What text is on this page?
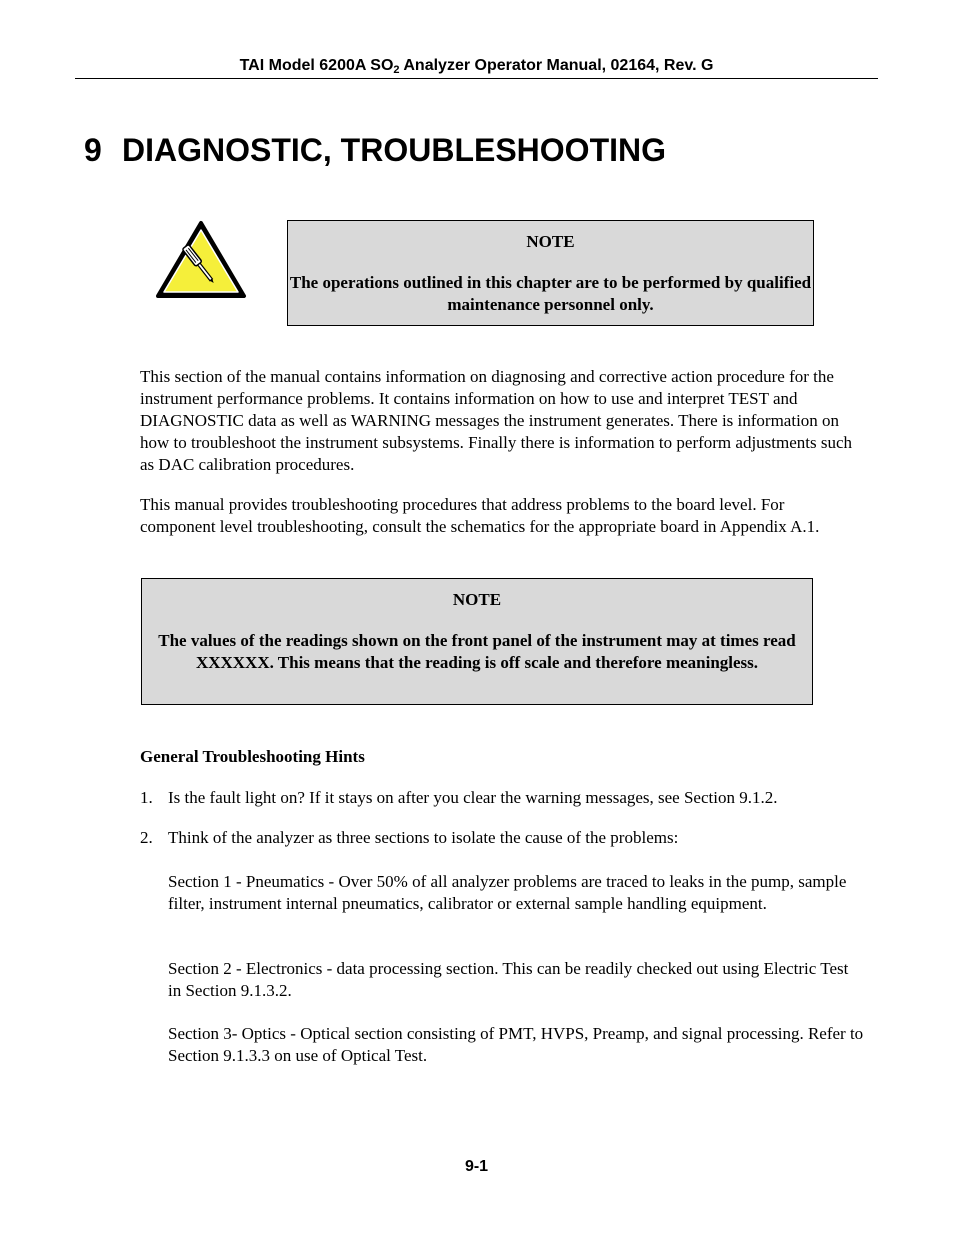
TAI Model 6200A $SO_2$ Analyzer Operator Manual, 02164, Rev. G
9 DIAGNOSTIC, TROUBLESHOOTING

NOTE

The operations outlined in this chapter are to be performed by qualified maintenance personnel only.

This section of the manual contains information on diagnosing and corrective action procedure for the instrument performance problems. It contains information on how to use and interpret TEST and DIAGNOSTIC data as well as WARNING messages the instrument generates. There is information on how to troubleshoot the instrument subsystems. Finally there is information to perform adjustments such as DAC calibration procedures.

This manual provides troubleshooting procedures that address problems to the board level. For component level troubleshooting, consult the schematics for the appropriate board in Appendix A.1.

NOTE

The values of the readings shown on the front panel of the instrument may at times read XXXXXX. This means that the reading is off scale and therefore meaningless.

General Troubleshooting Hints

1. Is the fault light on? If it stays on after you clear the warning messages, see Section 9.1.2.

2. Think of the analyzer as three sections to isolate the cause of the problems:

Section 1 - Pneumatics - Over 50% of all analyzer problems are traced to leaks in the pump, sample filter, instrument internal pneumatics, calibrator or external sample handling equipment.

Section 2 - Electronics - data processing section. This can be readily checked out using Electric Test in Section 9.1.3.2.

Section 3- Optics - Optical section consisting of PMT, HVPS, Preamp, and signal processing. Refer to Section 9.1.3.3 on use of Optical Test.

9-1
